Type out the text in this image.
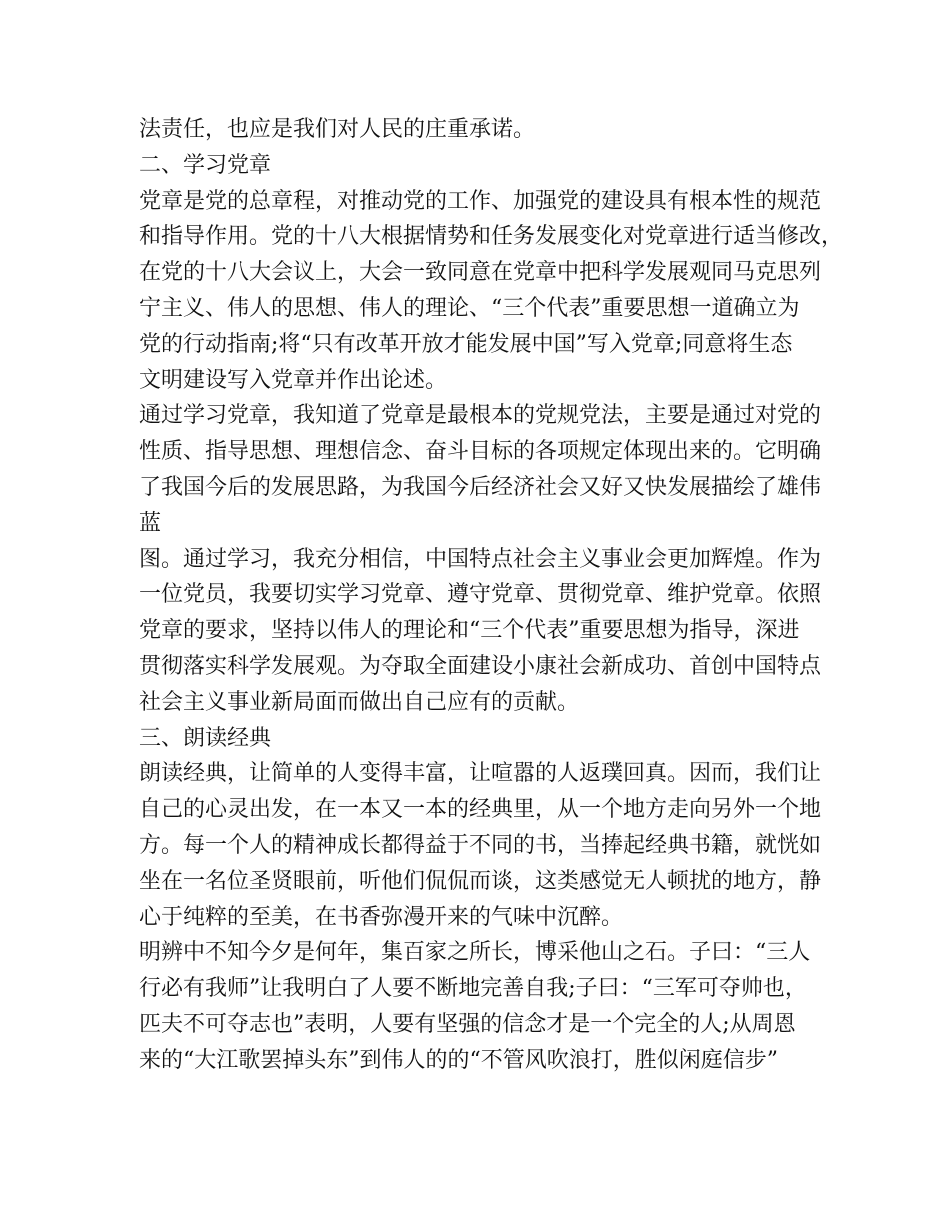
法责任，也应是我们对人民的庄重承诺。
二、学习党章
党章是党的总章程，对推动党的工作、加强党的建设具有根本性的规范
和指导作用。党的十八大根据情势和任务发展变化对党章进行适当修改，
在党的十八大会议上，大会一致同意在党章中把科学发展观同马克思列
宁主义、伟人的思想、伟人的理论、“三个代表”重要思想一道确立为
党的行动指南;将“只有改革开放才能发展中国”写入党章;同意将生态
文明建设写入党章并作出论述。
通过学习党章，我知道了党章是最根本的党规党法，主要是通过对党的
性质、指导思想、理想信念、奋斗目标的各项规定体现出来的。它明确
了我国今后的发展思路，为我国今后经济社会又好又快发展描绘了雄伟
蓝
图。通过学习，我充分相信，中国特点社会主义事业会更加辉煌。作为
一位党员，我要切实学习党章、遵守党章、贯彻党章、维护党章。依照
党章的要求，坚持以伟人的理论和“三个代表”重要思想为指导，深进
贯彻落实科学发展观。为夺取全面建设小康社会新成功、首创中国特点
社会主义事业新局面而做出自己应有的贡献。
三、朗读经典
朗读经典，让简单的人变得丰富，让喧嚣的人返璞回真。因而，我们让
自己的心灵出发，在一本又一本的经典里，从一个地方走向另外一个地
方。每一个人的精神成长都得益于不同的书，当捧起经典书籍，就恍如
坐在一名位圣贤眼前，听他们侃侃而谈，这类感觉无人顿扰的地方，静
心于纯粹的至美，在书香弥漫开来的气味中沉醉。
明辨中不知今夕是何年，集百家之所长，博采他山之石。子曰：“三人
行必有我师”让我明白了人要不断地完善自我;子曰：“三军可夺帅也，
匹夫不可夺志也”表明，人要有坚强的信念才是一个完全的人;从周恩
来的“大江歌罢掉头东”到伟人的的“不管风吹浪打，胜似闲庭信步”
